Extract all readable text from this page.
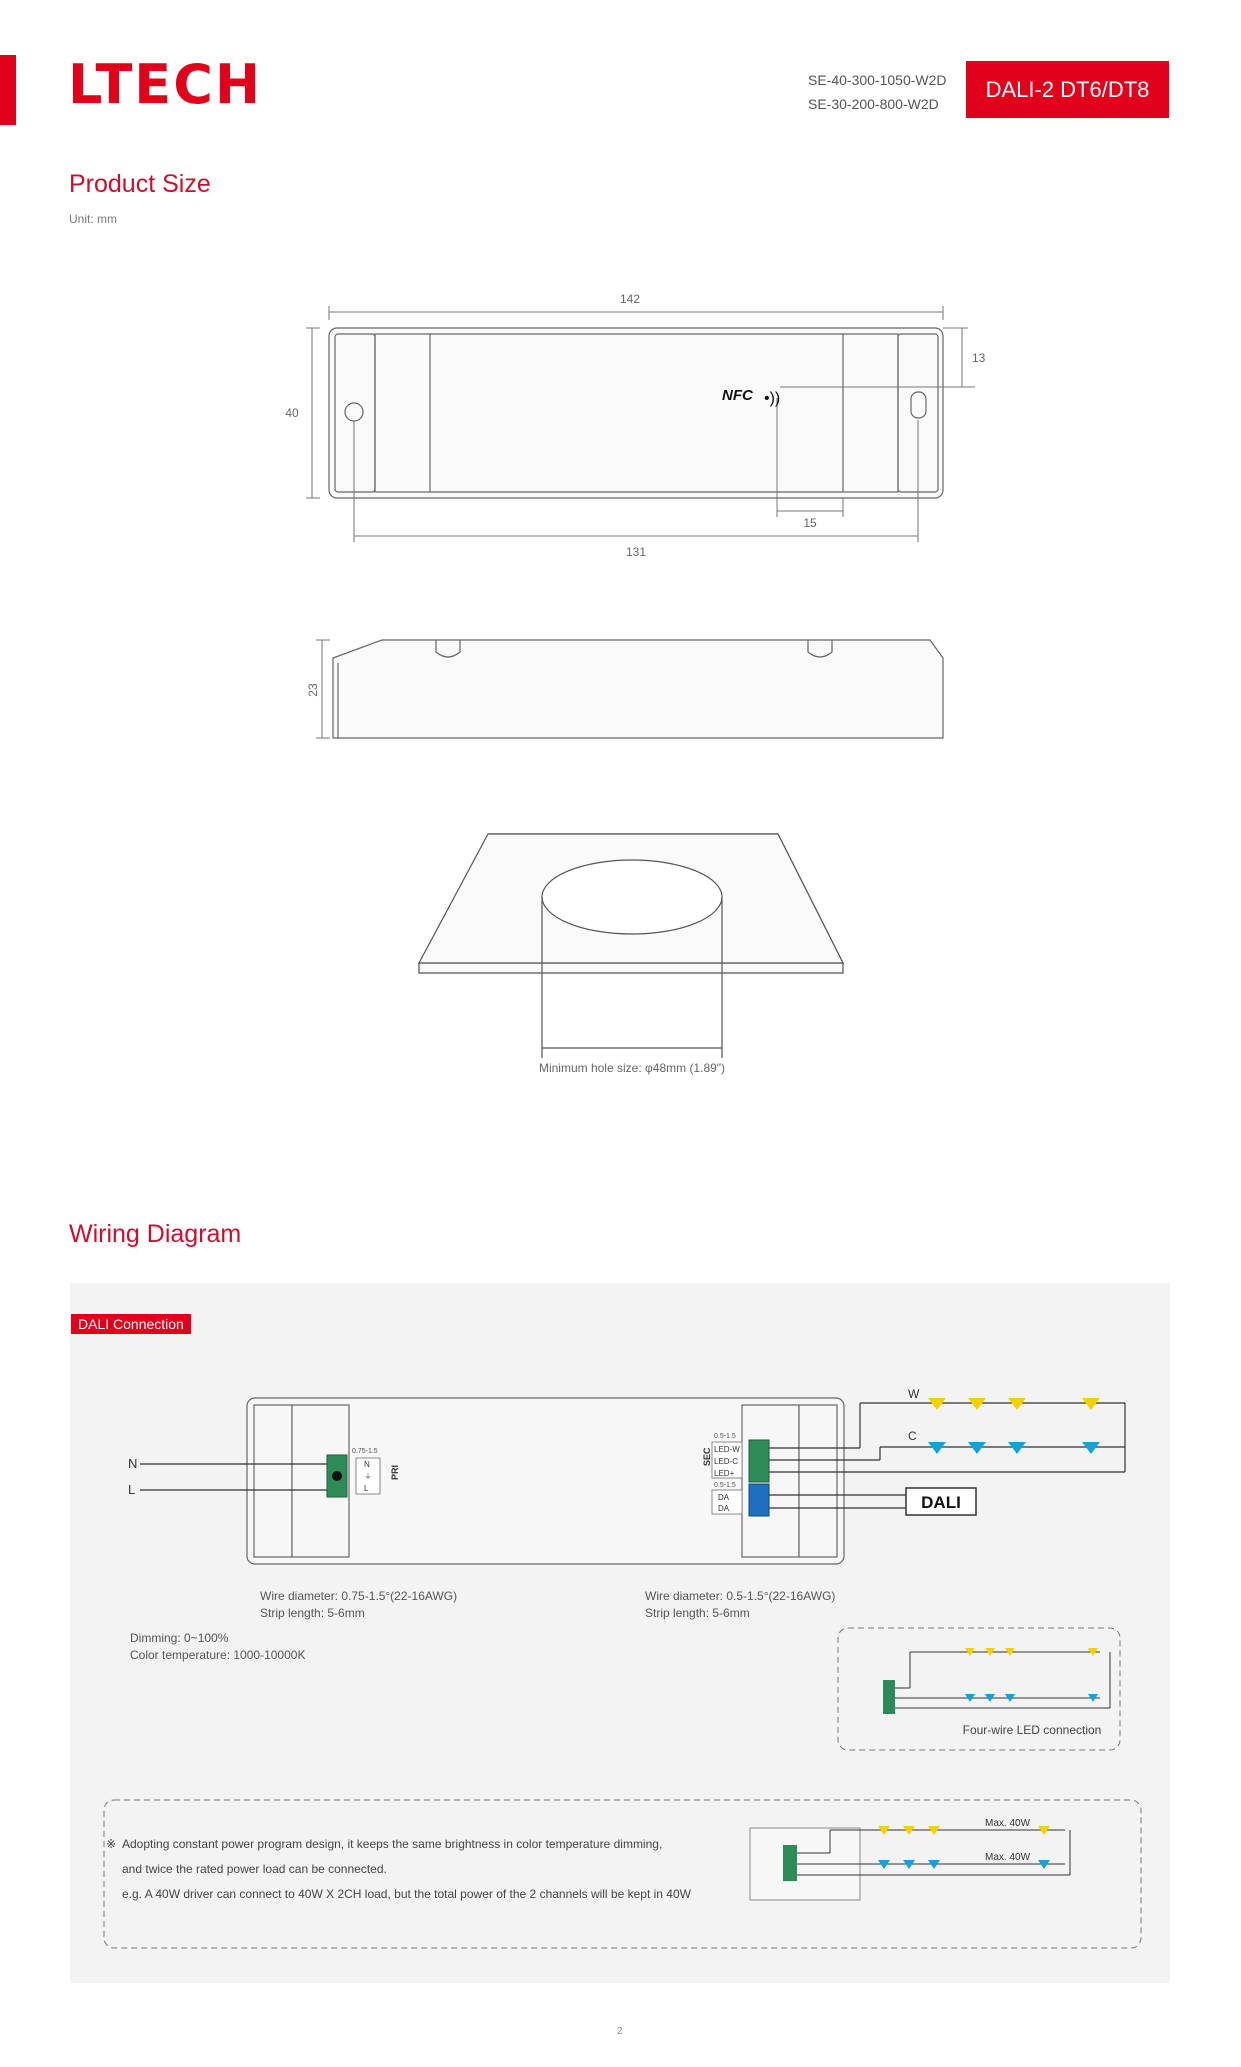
LTECH	SE-40-300-1050-W2D
SE-30-200-800-W2D
DALI-2 DT6/DT8
Product Size
Unit: mm
142
40
13
15
131
NFC •))
23
Minimum hole size: φ48mm (1.89")
Wiring Diagram
DALI Connection
N
L
0.75-1.5
N
⏚
L
PRI
0.5-1.5
SEC LED-W
LED-C
LED+
0.5-1.5
DA
DA	DALI
W
C
Four-wire LED connection
Max. 40W
Max. 40W
Wire diameter: 0.75-1.5°(22-16AWG)
Strip length: 5-6mm
Wire diameter: 0.5-1.5°(22-16AWG)
Strip length: 5-6mm
Dimming: 0~100%
Color temperature: 1000-10000K
※ Adopting constant power program design, it keeps the same brightness in color temperature dimming,
and twice the rated power load can be connected.
e.g. A 40W driver can connect to 40W X 2CH load, but the total power of the 2 channels will be kept in 40W
2
